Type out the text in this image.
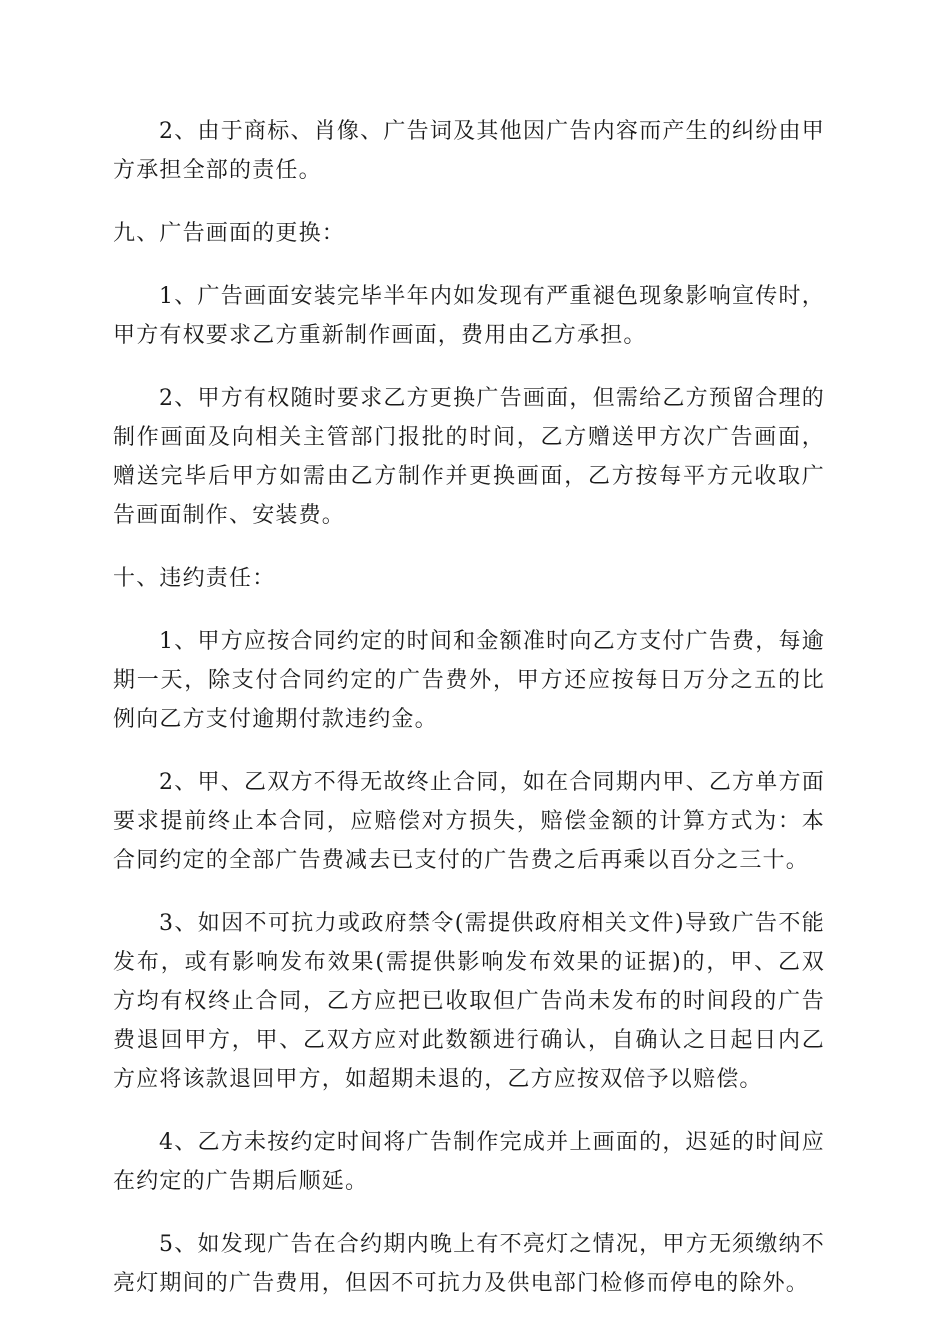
2、由于商标、肖像、广告词及其他因广告内容而产生的纠纷由甲方承担全部的责任。

九、广告画面的更换：

1、广告画面安装完毕半年内如发现有严重褪色现象影响宣传时，甲方有权要求乙方重新制作画面，费用由乙方承担。

2、甲方有权随时要求乙方更换广告画面，但需给乙方预留合理的制作画面及向相关主管部门报批的时间，乙方赠送甲方次广告画面，赠送完毕后甲方如需由乙方制作并更换画面，乙方按每平方元收取广告画面制作、安装费。

十、违约责任：

1、甲方应按合同约定的时间和金额准时向乙方支付广告费，每逾期一天，除支付合同约定的广告费外，甲方还应按每日万分之五的比例向乙方支付逾期付款违约金。

2、甲、乙双方不得无故终止合同，如在合同期内甲、乙方单方面要求提前终止本合同，应赔偿对方损失，赔偿金额的计算方式为：本合同约定的全部广告费减去已支付的广告费之后再乘以百分之三十。

3、如因不可抗力或政府禁令(需提供政府相关文件)导致广告不能发布，或有影响发布效果(需提供影响发布效果的证据)的，甲、乙双方均有权终止合同，乙方应把已收取但广告尚未发布的时间段的广告费退回甲方，甲、乙双方应对此数额进行确认，自确认之日起日内乙方应将该款退回甲方，如超期未退的，乙方应按双倍予以赔偿。

4、乙方未按约定时间将广告制作完成并上画面的，迟延的时间应在约定的广告期后顺延。

5、如发现广告在合约期内晚上有不亮灯之情况，甲方无须缴纳不亮灯期间的广告费用，但因不可抗力及供电部门检修而停电的除外。
